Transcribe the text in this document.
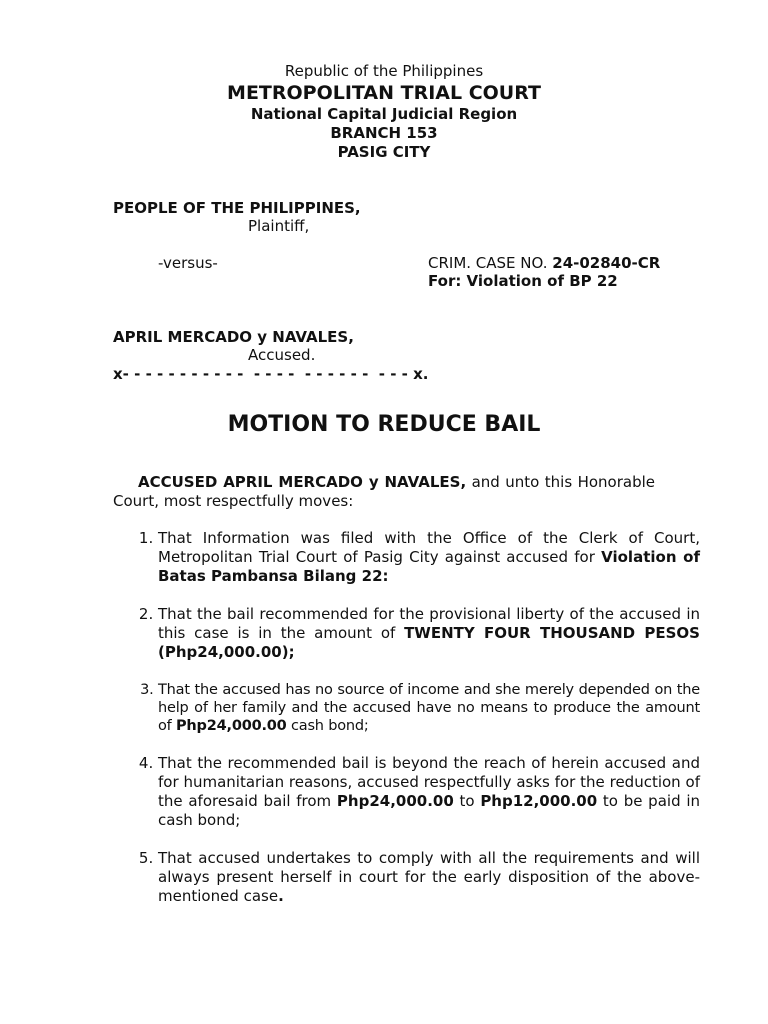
Republic of the Philippines
METROPOLITAN TRIAL COURT
National Capital Judicial Region
BRANCH 153
PASIG CITY
PEOPLE OF THE PHILIPPINES,
Plaintiff,
-versus-	CRIM. CASE NO. 24-02840-CR
For: Violation of BP 22
APRIL MERCADO y NAVALES,
Accused.
x- - - - - - - - - - -  - - - -  - - - - - -  - - - x.
MOTION TO REDUCE BAIL
ACCUSED APRIL MERCADO y NAVALES, and unto this Honorable Court, most respectfully moves:
1. That Information was filed with the Office of the Clerk of Court, Metropolitan Trial Court of Pasig City against accused for Violation of Batas Pambansa Bilang 22:
2. That the bail recommended for the provisional liberty of the accused in this case is in the amount of TWENTY FOUR THOUSAND PESOS (Php24,000.00);
3. That the accused has no source of income and she merely depended on the help of her family and the accused have no means to produce the amount of Php24,000.00 cash bond;
4. That the recommended bail is beyond the reach of herein accused and for humanitarian reasons, accused respectfully asks for the reduction of the aforesaid bail from Php24,000.00 to Php12,000.00 to be paid in cash bond;
5. That accused undertakes to comply with all the requirements and will always present herself in court for the early disposition of the above-mentioned case.
